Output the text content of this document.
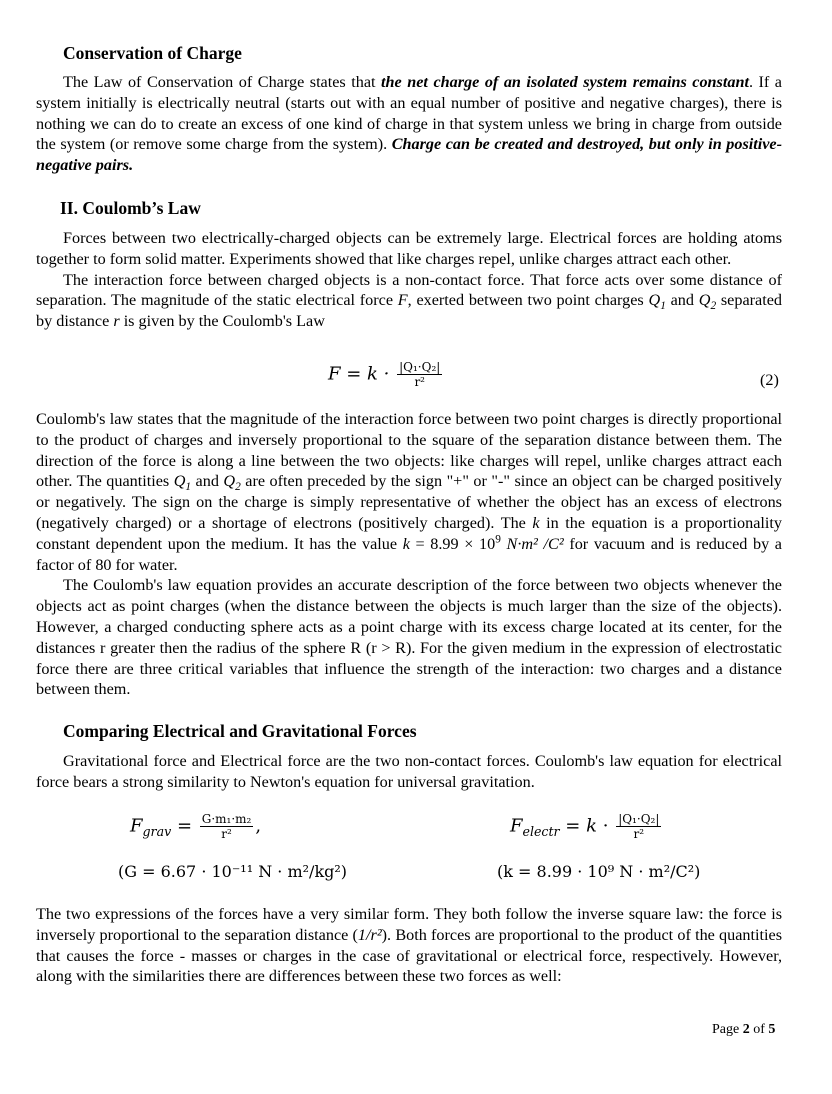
Conservation of Charge

The Law of Conservation of Charge states that the net charge of an isolated system remains constant. If a system initially is electrically neutral (starts out with an equal number of positive and negative charges), there is nothing we can do to create an excess of one kind of charge in that system unless we bring in charge from outside the system (or remove some charge from the system). Charge can be created and destroyed, but only in positive-negative pairs.

II. Coulomb’s Law

Forces between two electrically-charged objects can be extremely large. Electrical forces are holding atoms together to form solid matter. Experiments showed that like charges repel, unlike charges attract each other.

The interaction force between charged objects is a non-contact force. That force acts over some distance of separation. The magnitude of the static electrical force F, exerted between two point charges $Q_1$ and $Q_2$ separated by distance r is given by the Coulomb's Law

$F = k \cdot \frac{\text{|Q₁·Q₂|}}{\text{r²}}$	(2)

Coulomb's law states that the magnitude of the interaction force between two point charges is directly proportional to the product of charges and inversely proportional to the square of the separation distance between them. The direction of the force is along a line between the two objects: like charges will repel, unlike charges attract each other. The quantities $Q_1$ and $Q_2$ are often preceded by the sign "+" or "-" since an object can be charged positively or negatively. The sign on the charge is simply representative of whether the object has an excess of electrons (negatively charged) or a shortage of electrons (positively charged). The k in the equation is a proportionality constant dependent upon the medium. It has the value $k = 8.99 \times 10^9$ N·m² /C² for vacuum and is reduced by a factor of 80 for water.

The Coulomb's law equation provides an accurate description of the force between two objects whenever the objects act as point charges (when the distance between the objects is much larger than the size of the objects). However, a charged conducting sphere acts as a point charge with its excess charge located at its center, for the distances r greater then the radius of the sphere R (r > R). For the given medium in the expression of electrostatic force there are three critical variables that influence the strength of the interaction: two charges and a distance between them.

Comparing Electrical and Gravitational Forces

Gravitational force and Electrical force are the two non-contact forces. Coulomb's law equation for electrical force bears a strong similarity to Newton's equation for universal gravitation.

$F_{grav} = \frac{\text{G·m₁·m₂}}{\text{r²}}$ ,
(G = 6.67 · 10⁻¹¹ N · m²/kg²)
$F_{electr} = k \cdot \frac{\text{|Q₁·Q₂|}}{\text{r²}}$
(k = 8.99 · 10⁹ N · m²/C²)

The two expressions of the forces have a very similar form. They both follow the inverse square law: the force is inversely proportional to the separation distance (1/r²). Both forces are proportional to the product of the quantities that causes the force - masses or charges in the case of gravitational or electrical force, respectively. However, along with the similarities there are differences between these two forces as well:

Page 2 of 5
